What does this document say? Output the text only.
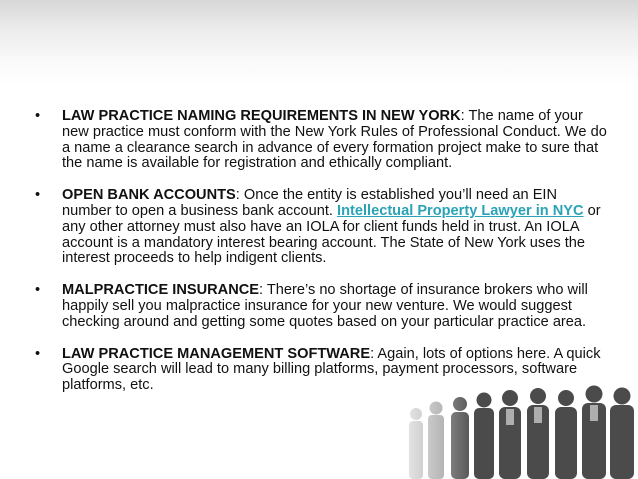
• LAW PRACTICE NAMING REQUIREMENTS IN NEW YORK: The name of your new practice must conform with the New York Rules of Professional Conduct. We do a name a clearance search in advance of every formation project make to sure that the name is available for registration and ethically compliant.
• OPEN BANK ACCOUNTS: Once the entity is established you’ll need an EIN number to open a business bank account. Intellectual Property Lawyer in NYC or any other attorney must also have an IOLA for client funds held in trust. An IOLA account is a mandatory interest bearing account. The State of New York uses the interest proceeds to help indigent clients.
• MALPRACTICE INSURANCE: There’s no shortage of insurance brokers who will happily sell you malpractice insurance for your new venture. We would suggest checking around and getting some quotes based on your particular practice area.
• LAW PRACTICE MANAGEMENT SOFTWARE: Again, lots of options here. A quick Google search will lead to many billing platforms, payment processors, software platforms, etc.
